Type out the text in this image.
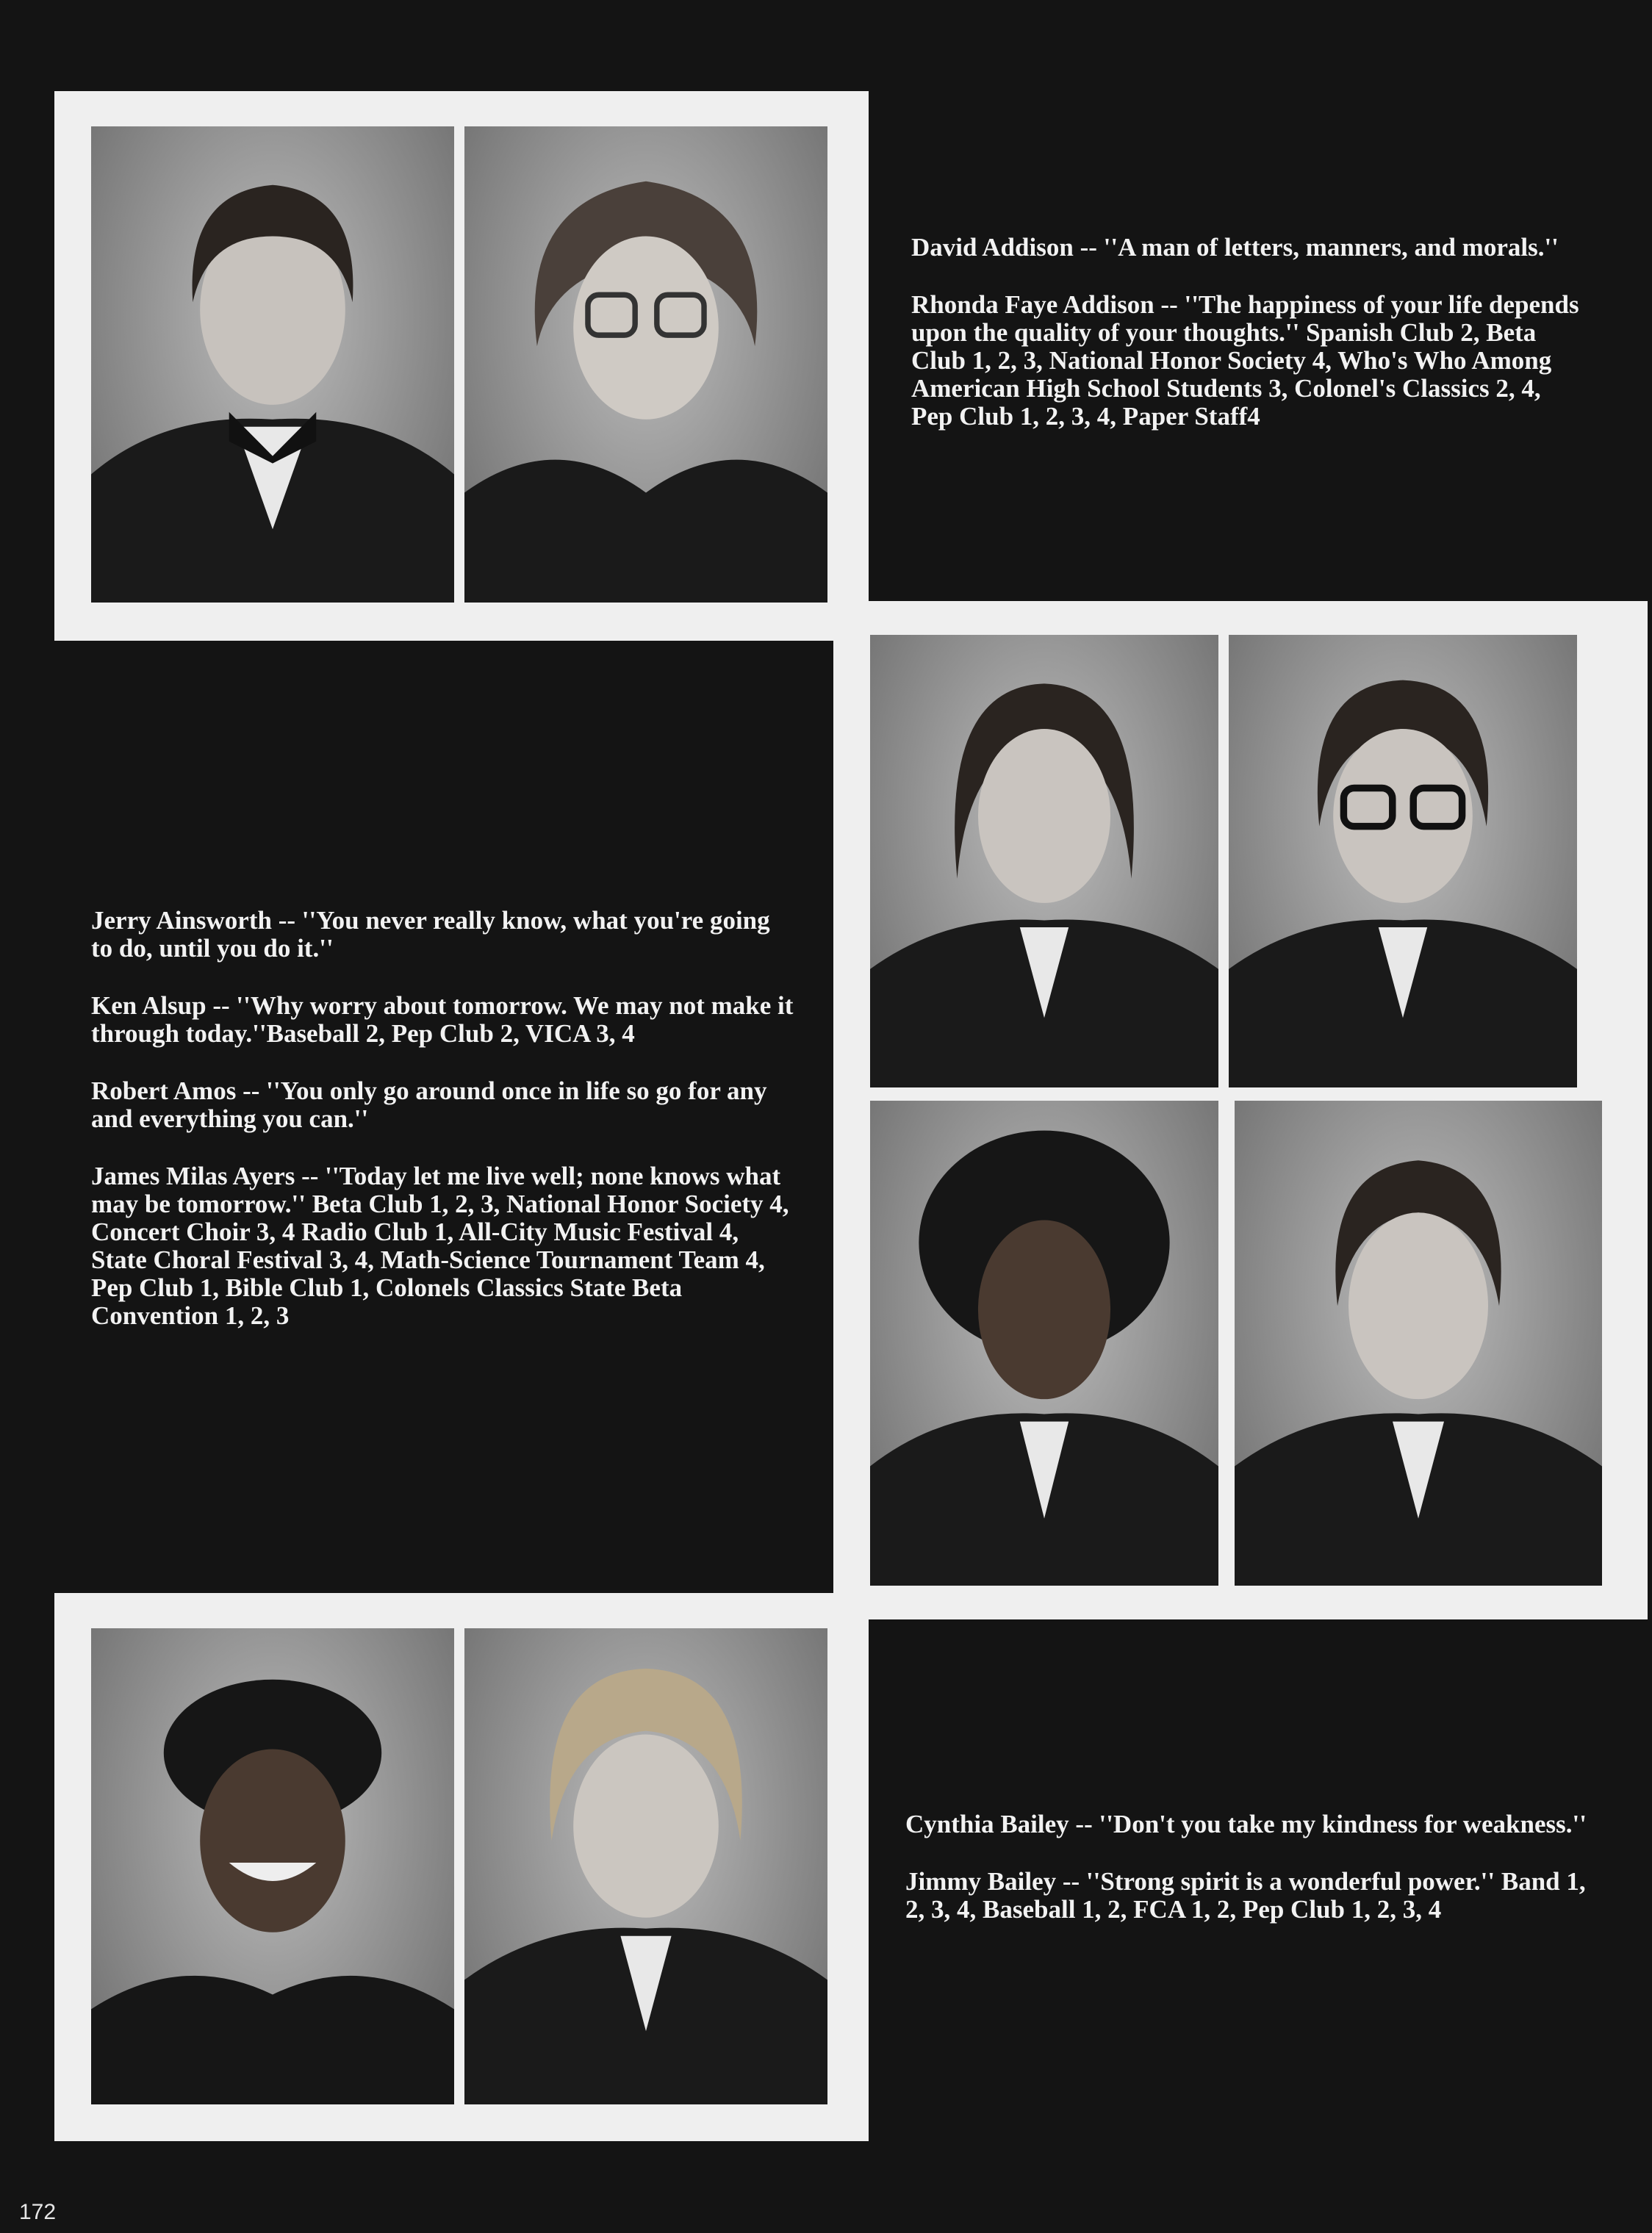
David Addison -- ''A man of letters, manners, and morals.''

Rhonda Faye Addison -- ''The happiness of your life depends upon the quality of your thoughts.'' Spanish Club 2, Beta Club 1, 2, 3, National Honor Society 4, Who's Who Among American High School Students 3, Colonel's Classics 2, 4, Pep Club 1, 2, 3, 4, Paper Staff4

Jerry Ainsworth -- ''You never really know, what you're going to do, until you do it.''

Ken Alsup -- ''Why worry about tomorrow. We may not make it through today.''Baseball 2, Pep Club 2, VICA 3, 4

Robert Amos -- ''You only go around once in life so go for any and everything you can.''

James Milas Ayers -- ''Today let me live well; none knows what may be tomorrow.'' Beta Club 1, 2, 3, National Honor Society 4, Concert Choir 3, 4 Radio Club 1, All-City Music Festival 4, State Choral Festival 3, 4, Math-Science Tournament Team 4, Pep Club 1, Bible Club 1, Colonels Classics State Beta Convention 1, 2, 3

Cynthia Bailey -- ''Don't you take my kindness for weakness.''

Jimmy Bailey -- ''Strong spirit is a wonderful power.'' Band 1, 2, 3, 4, Baseball 1, 2, FCA 1, 2, Pep Club 1, 2, 3, 4

172
